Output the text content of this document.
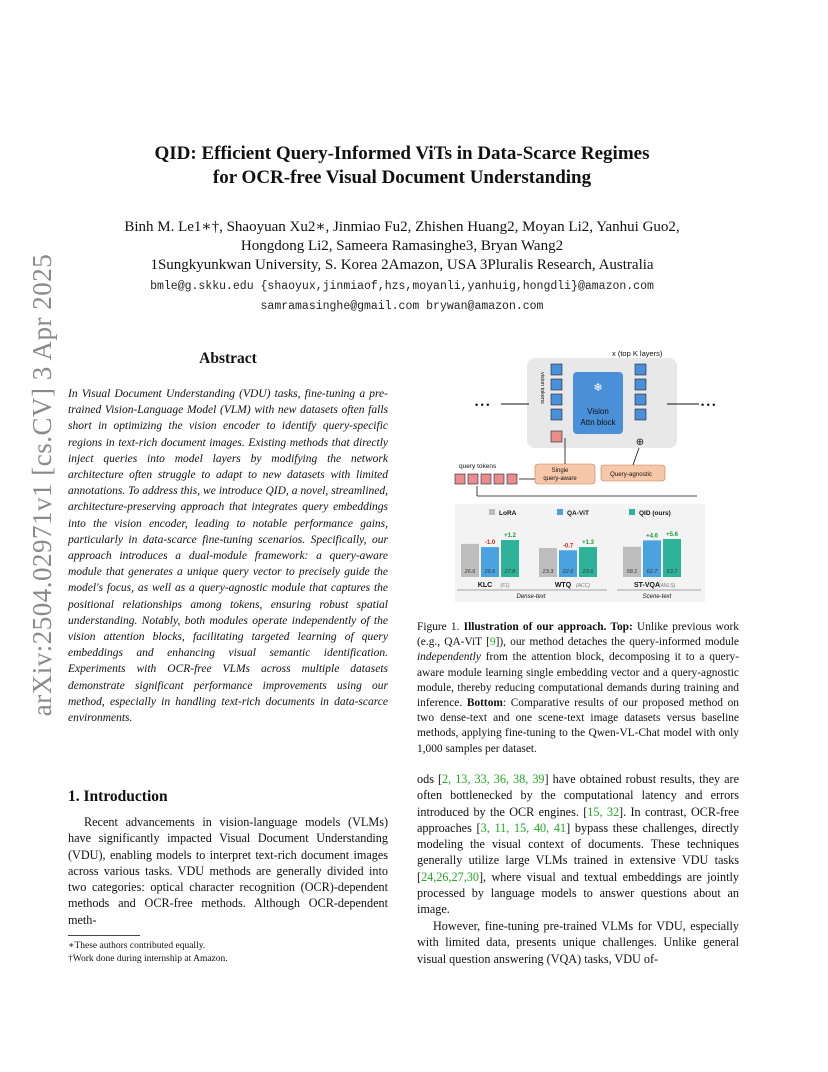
arXiv:2504.02971v1 [cs.CV] 3 Apr 2025
QID: Efficient Query-Informed ViTs in Data-Scarce Regimes
for OCR-free Visual Document Understanding
Binh M. Le1∗†, Shaoyuan Xu2∗, Jinmiao Fu2, Zhishen Huang2, Moyan Li2, Yanhui Guo2,
Hongdong Li2, Sameera Ramasinghe3, Bryan Wang2
1Sungkyunkwan University, S. Korea 2Amazon, USA 3Pluralis Research, Australia
bmle@g.skku.edu {shaoyux,jinmiaof,hzs,moyanli,yanhuig,hongdli}@amazon.com
samramasinghe@gmail.com brywan@amazon.com
Abstract
In Visual Document Understanding (VDU) tasks, fine-tuning a pre-trained Vision-Language Model (VLM) with new datasets often falls short in optimizing the vision encoder to identify query-specific regions in text-rich document images. Existing methods that directly inject queries into model layers by modifying the network architecture often struggle to adapt to new datasets with limited annotations. To address this, we introduce QID, a novel, streamlined, architecture-preserving approach that integrates query embeddings into the vision encoder, leading to notable performance gains, particularly in data-scarce fine-tuning scenarios. Specifically, our approach introduces a dual-module framework: a query-aware module that generates a unique query vector to precisely guide the model's focus, as well as a query-agnostic module that captures the positional relationships among tokens, ensuring robust spatial understanding. Notably, both modules operate independently of the vision attention blocks, facilitating targeted learning of query embeddings and enhancing visual semantic identification. Experiments with OCR-free VLMs across multiple datasets demonstrate significant performance improvements using our method, especially in handling text-rich documents in data-scarce environments.
1. Introduction
Recent advancements in vision-language models (VLMs) have significantly impacted Visual Document Understanding (VDU), enabling models to interpret text-rich document images across various tasks. VDU methods are generally divided into two categories: optical character recognition (OCR)-dependent methods and OCR-free methods. Although OCR-dependent meth-
∗These authors contributed equally.
†Work done during internship at Amazon.
x (top K layers)
• • •	• • •
vision tokens	❄
Vision
Attn block
⊕
query tokens
Single
query-aware
Query-agnostic
LoRA	QA-ViT	QID (ours)
26.6 25.6
-1.0
27.8
+1.2
23.3 22.6
-0.7
23.6
+1.3
58.1 62.7
+4.6
63.7
+5.6
KLC (F1)	WTQ (ACC)	ST-VQA
(ANLS)
Dense-text	Scene-text
Figure 1. Illustration of our approach. Top: Unlike previous work (e.g., QA-ViT [9]), our method detaches the query-informed module independently from the attention block, decomposing it to a query-aware module learning single embedding vector and a query-agnostic module, thereby reducing computational demands during training and inference. Bottom: Comparative results of our proposed method on two dense-text and one scene-text image datasets versus baseline methods, applying fine-tuning to the Qwen-VL-Chat model with only 1,000 samples per dataset.
ods [2, 13, 33, 36, 38, 39] have obtained robust results, they are often bottlenecked by the computational latency and errors introduced by the OCR engines. [15, 32]. In contrast, OCR-free approaches [3, 11, 15, 40, 41] bypass these challenges, directly modeling the visual context of documents. These techniques generally utilize large VLMs trained in extensive VDU tasks [24,26,27,30], where visual and textual embeddings are jointly processed by language models to answer questions about an image.
However, fine-tuning pre-trained VLMs for VDU, especially with limited data, presents unique challenges. Unlike general visual question answering (VQA) tasks, VDU of-
